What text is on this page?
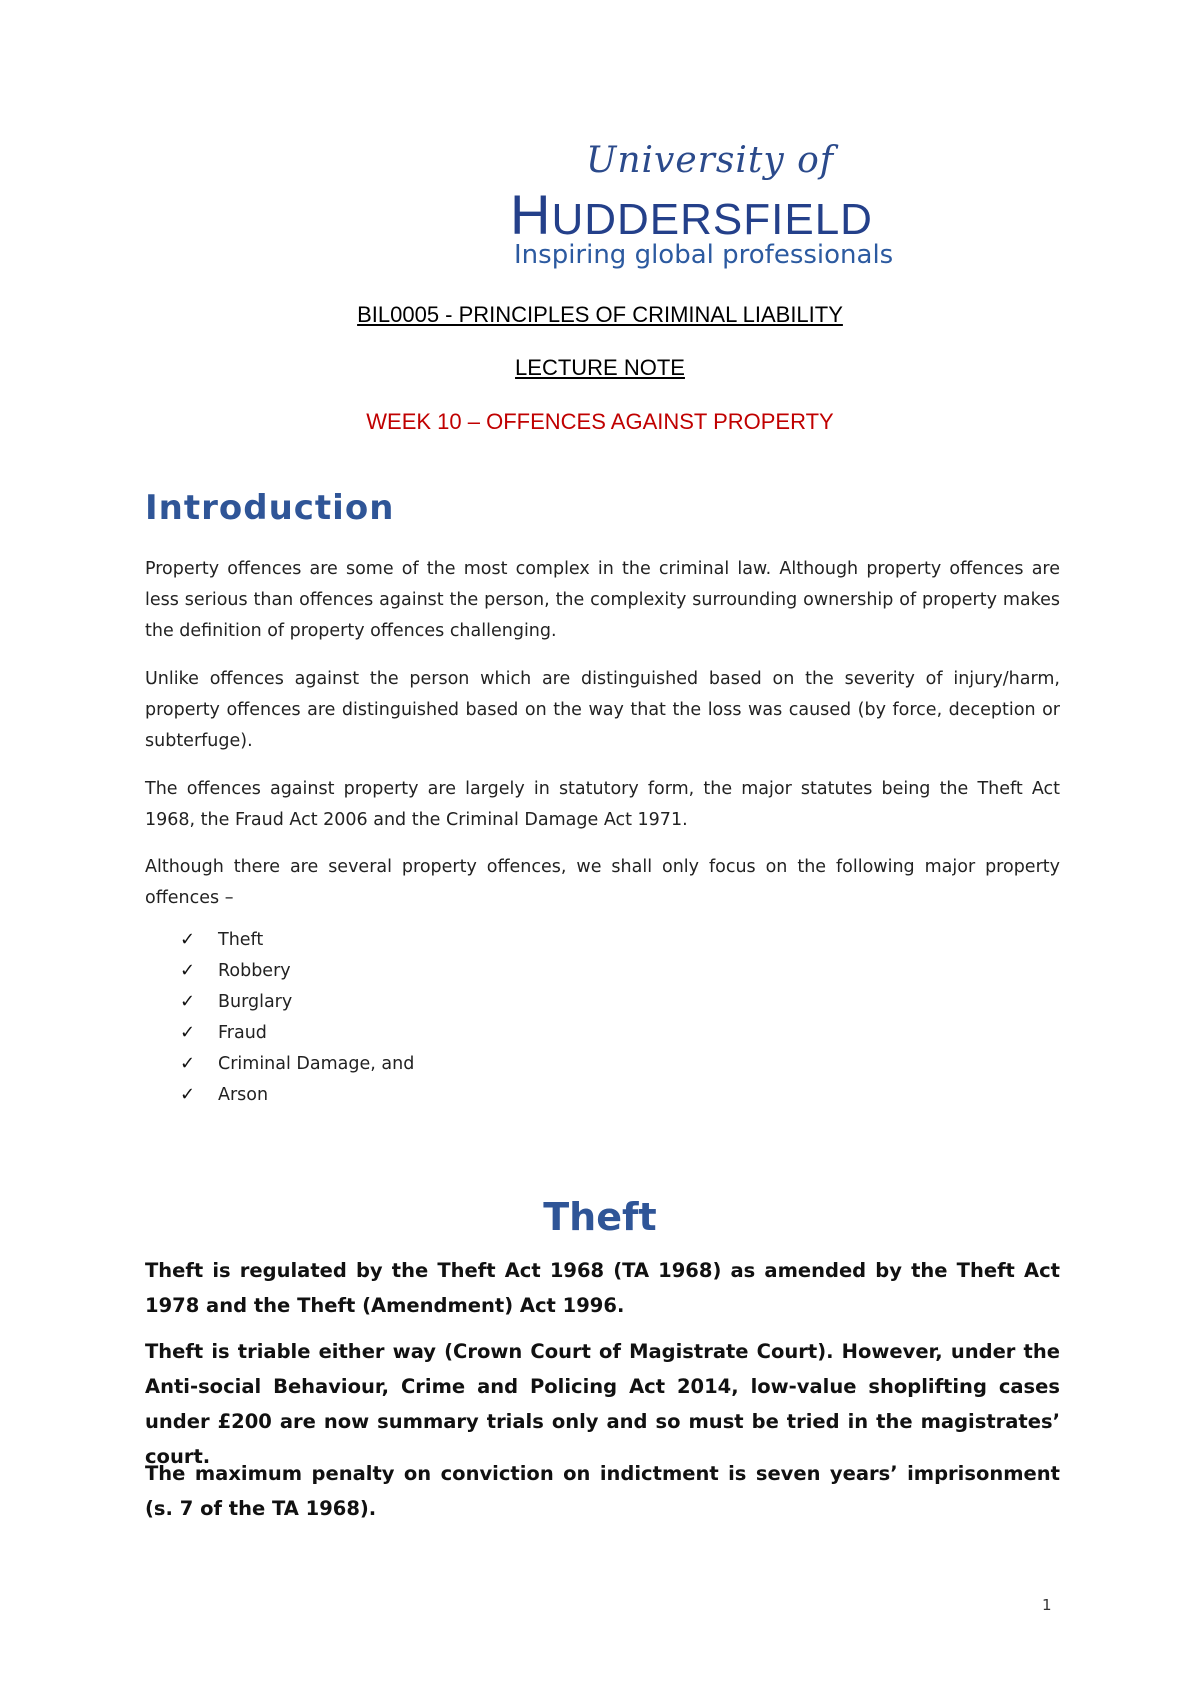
University of
HUDDERSFIELD
Inspiring global professionals
BIL0005 - PRINCIPLES OF CRIMINAL LIABILITY
LECTURE NOTE
WEEK 10 – OFFENCES AGAINST PROPERTY
Introduction
Property offences are some of the most complex in the criminal law. Although property offences are less serious than offences against the person, the complexity surrounding ownership of property makes the definition of property offences challenging.
Unlike offences against the person which are distinguished based on the severity of injury/harm, property offences are distinguished based on the way that the loss was caused (by force, deception or subterfuge).
The offences against property are largely in statutory form, the major statutes being the Theft Act 1968, the Fraud Act 2006 and the Criminal Damage Act 1971.
Although there are several property offences, we shall only focus on the following major property offences –
✓	Theft
✓	Robbery
✓	Burglary
✓	Fraud
✓	Criminal Damage, and
✓	Arson
Theft
Theft is regulated by the Theft Act 1968 (TA 1968) as amended by the Theft Act 1978 and the Theft (Amendment) Act 1996.
Theft is triable either way (Crown Court of Magistrate Court). However, under the Anti-social Behaviour, Crime and Policing Act 2014, low-value shoplifting cases under £200 are now summary trials only and so must be tried in the magistrates’ court.
The maximum penalty on conviction on indictment is seven years’ imprisonment (s. 7 of the TA 1968).
1
